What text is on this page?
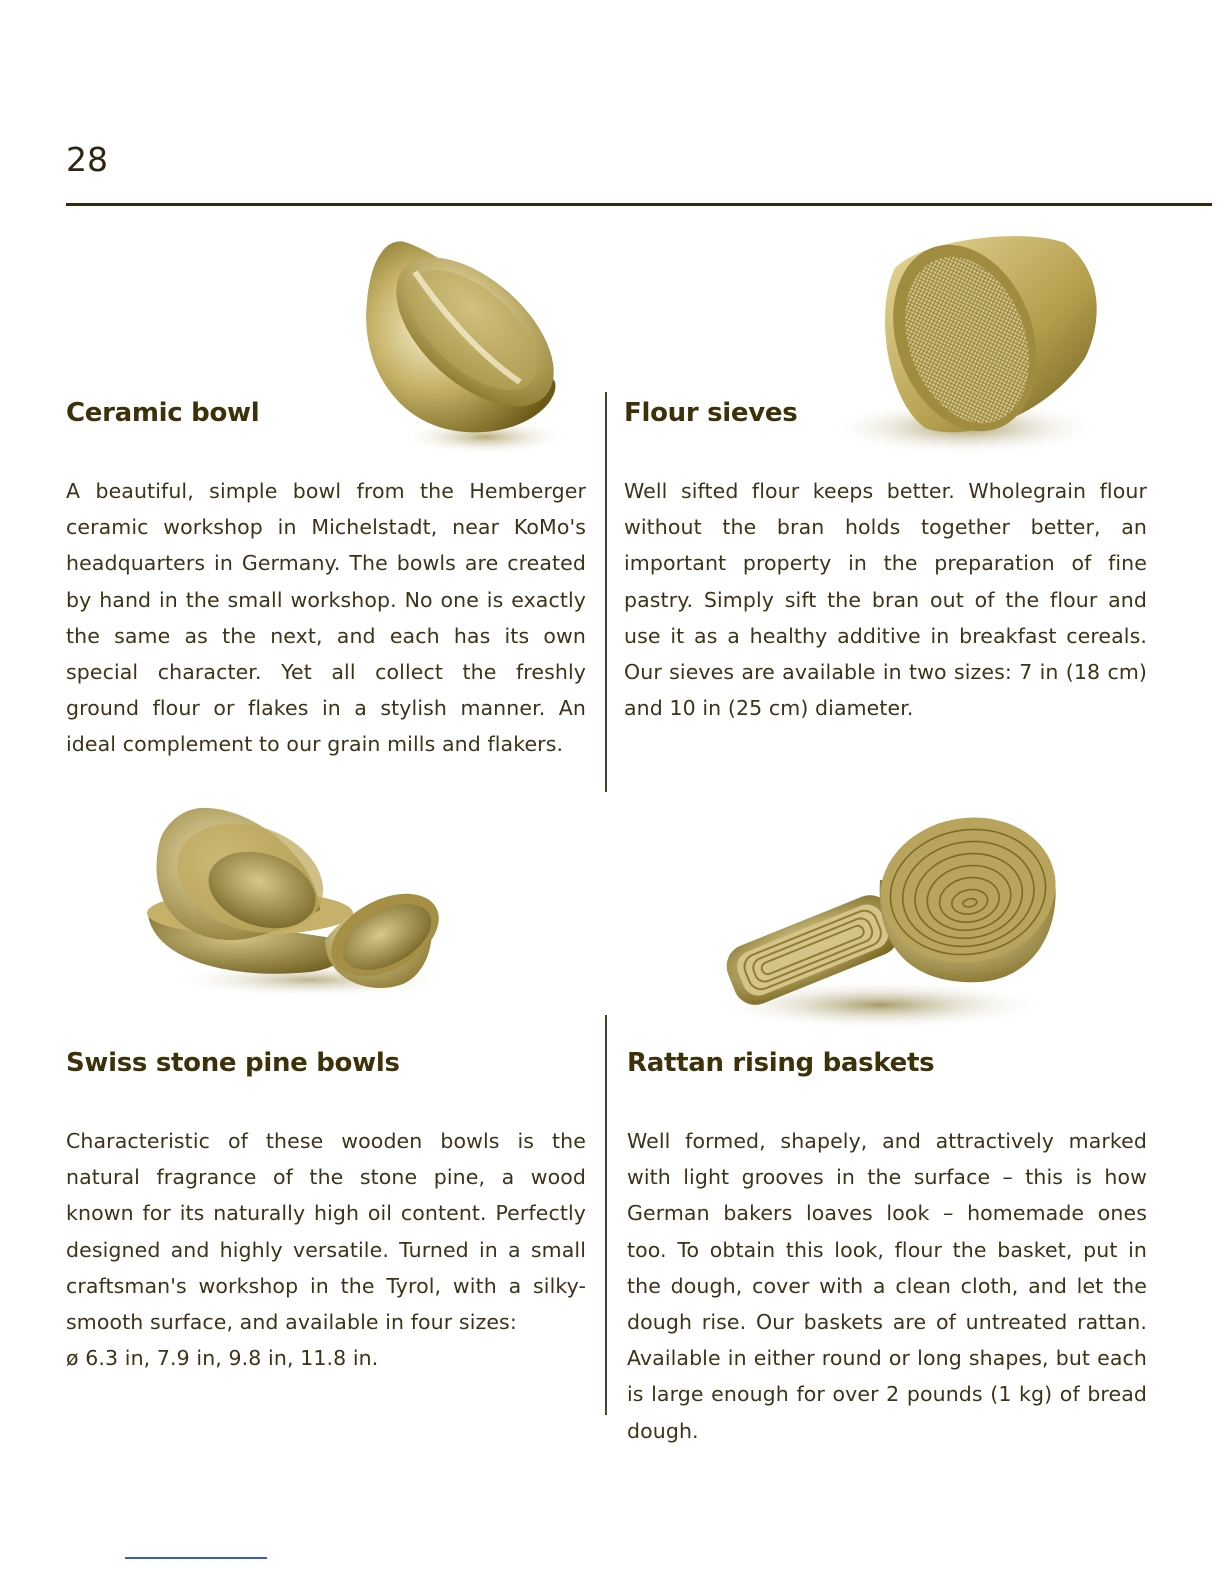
28
Ceramic bowl
A beautiful, simple bowl from the Hemberger ceramic workshop in Michelstadt, near KoMo's headquarters in Germany. The bowls are created by hand in the small workshop. No one is exactly the same as the next, and each has its own special character. Yet all collect the freshly ground flour or flakes in a stylish manner. An ideal complement to our grain mills and flakers.
Flour sieves
Well sifted flour keeps better. Wholegrain flour without the bran holds together better, an important property in the preparation of fine pastry. Simply sift the bran out of the flour and use it as a healthy additive in breakfast cereals. Our sieves are available in two sizes: 7 in (18 cm) and 10 in (25 cm) diameter.
Swiss stone pine bowls
Characteristic of these wooden bowls is the natural fragrance of the stone pine, a wood known for its naturally high oil content. Perfectly designed and highly versatile. Turned in a small craftsman's workshop in the Tyrol, with a silky-smooth surface, and available in four sizes:
ø 6.3 in, 7.9 in, 9.8 in, 11.8 in.
Rattan rising baskets
Well formed, shapely, and attractively marked with light grooves in the surface – this is how German bakers loaves look – homemade ones too. To obtain this look, flour the basket, put in the dough, cover with a clean cloth, and let the dough rise. Our baskets are of untreated rattan. Available in either round or long shapes, but each is large enough for over 2 pounds (1 kg) of bread dough.
